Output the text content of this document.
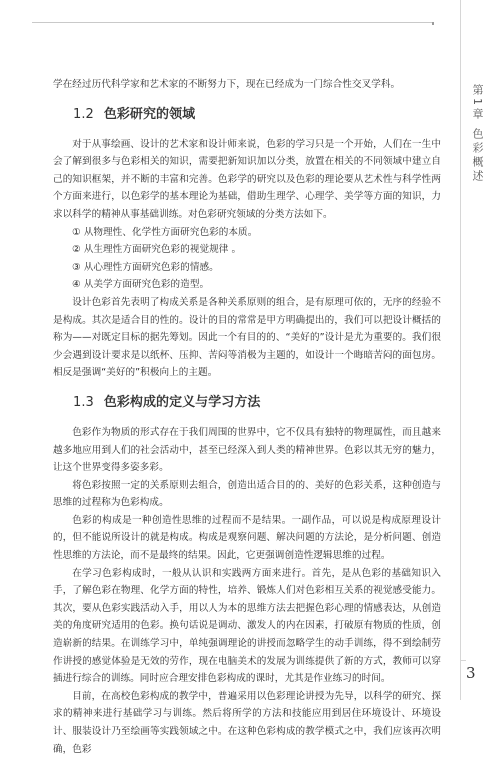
第1章色彩概述

学在经过历代科学家和艺术家的不断努力下，现在已经成为一门综合性交叉学科。

1.2 色彩研究的领域

对于从事绘画、设计的艺术家和设计师来说，色彩的学习只是一个开始，人们在一生中会了解到很多与色彩相关的知识，需要把新知识加以分类，放置在相关的不同领域中建立自己的知识框架，并不断的丰富和完善。色彩学的研究以及色彩的理论要从艺术性与科学性两个方面来进行，以色彩学的基本理论为基础，借助生理学、心理学、美学等方面的知识，力求以科学的精神从事基础训练。对色彩研究领域的分类方法如下。

① 从物理性、化学性方面研究色彩的本质。

② 从生理性方面研究色彩的视觉规律 。

③ 从心理性方面研究色彩的情感。

④ 从美学方面研究色彩的造型。

设计色彩首先表明了构成关系是各种关系原则的组合，是有原理可依的，无序的经验不是构成。其次是适合目的性的。设计的目的常常是甲方明确提出的，我们可以把设计概括的称为——对既定目标的据先筹划。因此一个有目的的、“美好的”设计是尤为重要的。我们很少会遇到设计要求是以纸杯、压抑、苦闷等消极为主题的，如设计一个晦暗苦闷的面包房。相反是强调“美好的”积极向上的主题。

1.3 色彩构成的定义与学习方法

色彩作为物质的形式存在于我们周围的世界中，它不仅具有独特的物理属性，而且越来越多地应用到人们的社会活动中，甚至已经深入到人类的精神世界。色彩以其无穷的魅力，让这个世界变得多姿多彩。

将色彩按照一定的关系原则去组合，创造出适合目的的、美好的色彩关系，这种创造与思维的过程称为色彩构成。

色彩的构成是一种创造性思维的过程而不是结果。一副作品，可以说是构成原理设计的，但不能说所设计的就是构成。构成是观察问题、解决问题的方法论，是分析问题、创造性思维的方法论，而不是最终的结果。因此，它更强调创造性逻辑思维的过程。

在学习色彩构成时，一般从认识和实践两方面来进行。首先，是从色彩的基础知识入手，了解色彩在物理、化学方面的特性，培养、锻炼人们对色彩相互关系的视觉感受能力。其次，要从色彩实践活动入手，用以人为本的思维方法去把握色彩心理的情感表达，从创造美的角度研究适用的色彩。换句话说是调动、激发人的内在因素，打破原有物质的性质，创造崭新的结果。在训练学习中，单纯强调理论的讲授而忽略学生的动手训练，得不到绘制劳作讲授的感觉体验是无效的劳作，现在电脑美术的发展为训练提供了新的方式，教师可以穿插进行综合的训练。同时应合理安排色彩构成的课时，尤其是作业练习的时间。

目前，在高校色彩构成的教学中，普遍采用以色彩理论讲授为先导，以科学的研究、探求的精神来进行基础学习与训练。然后将所学的方法和技能应用到居住环境设计、环境设计、服装设计乃至绘画等实践领域之中。在这种色彩构成的教学模式之中，我们应该再次明确，色彩

3
